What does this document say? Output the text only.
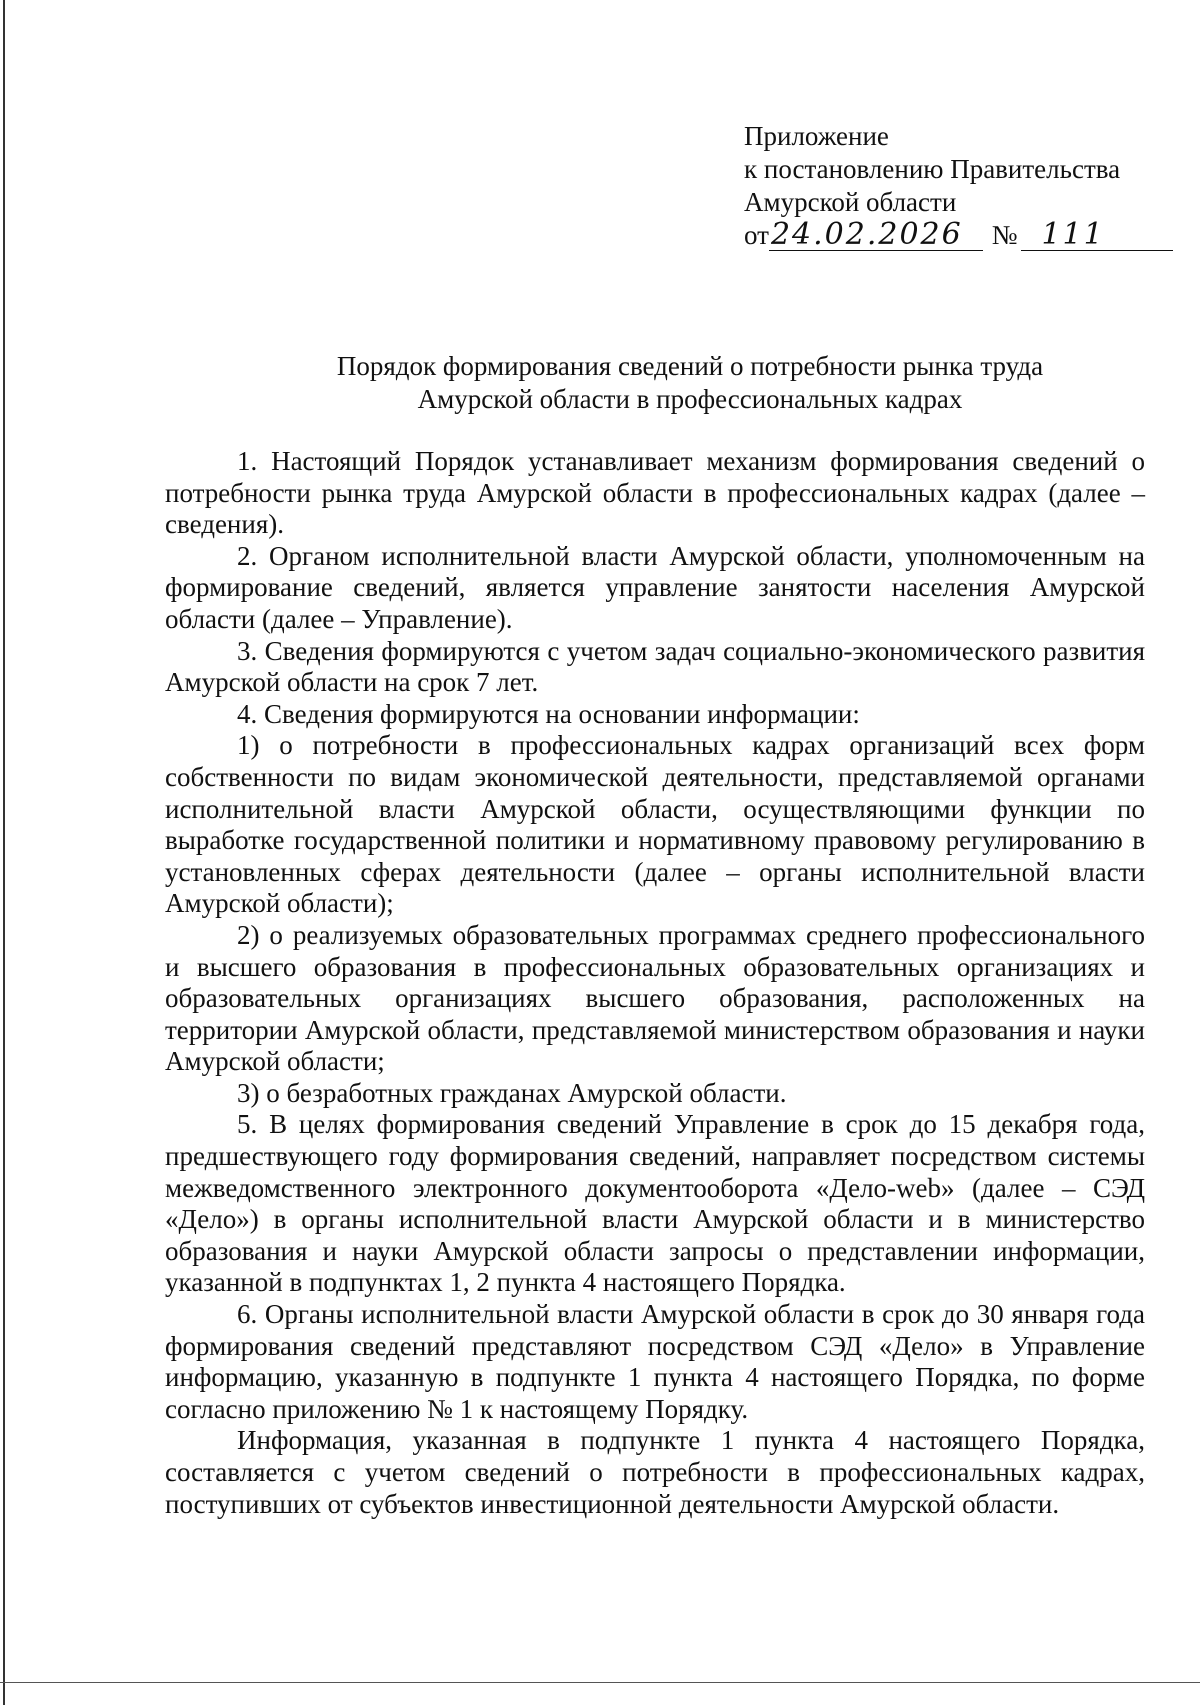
Приложение
к постановлению Правительства
Амурской области
от24.02.2026 № 111
Порядок формирования сведений о потребности рынка труда
Амурской области в профессиональных кадрах

1. Настоящий Порядок устанавливает механизм формирования сведений о потребности рынка труда Амурской области в профессиональных кадрах (далее – сведения).

2. Органом исполнительной власти Амурской области, уполномоченным на формирование сведений, является управление занятости населения Амурской области (далее – Управление).

3. Сведения формируются с учетом задач социально-экономического развития Амурской области на срок 7 лет.

4. Сведения формируются на основании информации:

1) о потребности в профессиональных кадрах организаций всех форм собственности по видам экономической деятельности, представляемой органами исполнительной власти Амурской области, осуществляющими функции по выработке государственной политики и нормативному правовому регулированию в установленных сферах деятельности (далее – органы исполнительной власти Амурской области);

2) о реализуемых образовательных программах среднего профессионального и высшего образования в профессиональных образовательных организациях и образовательных организациях высшего образования, расположенных на территории Амурской области, представляемой министерством образования и науки Амурской области;

3) о безработных гражданах Амурской области.

5. В целях формирования сведений Управление в срок до 15 декабря года, предшествующего году формирования сведений, направляет посредством системы межведомственного электронного документооборота «Дело-web» (далее – СЭД «Дело») в органы исполнительной власти Амурской области и в министерство образования и науки Амурской области запросы о представлении информации, указанной в подпунктах 1, 2 пункта 4 настоящего Порядка.

6. Органы исполнительной власти Амурской области в срок до 30 января года формирования сведений представляют посредством СЭД «Дело» в Управление информацию, указанную в подпункте 1 пункта 4 настоящего Порядка, по форме согласно приложению № 1 к настоящему Порядку.

Информация, указанная в подпункте 1 пункта 4 настоящего Порядка, составляется с учетом сведений о потребности в профессиональных кадрах, поступивших от субъектов инвестиционной деятельности Амурской области.
